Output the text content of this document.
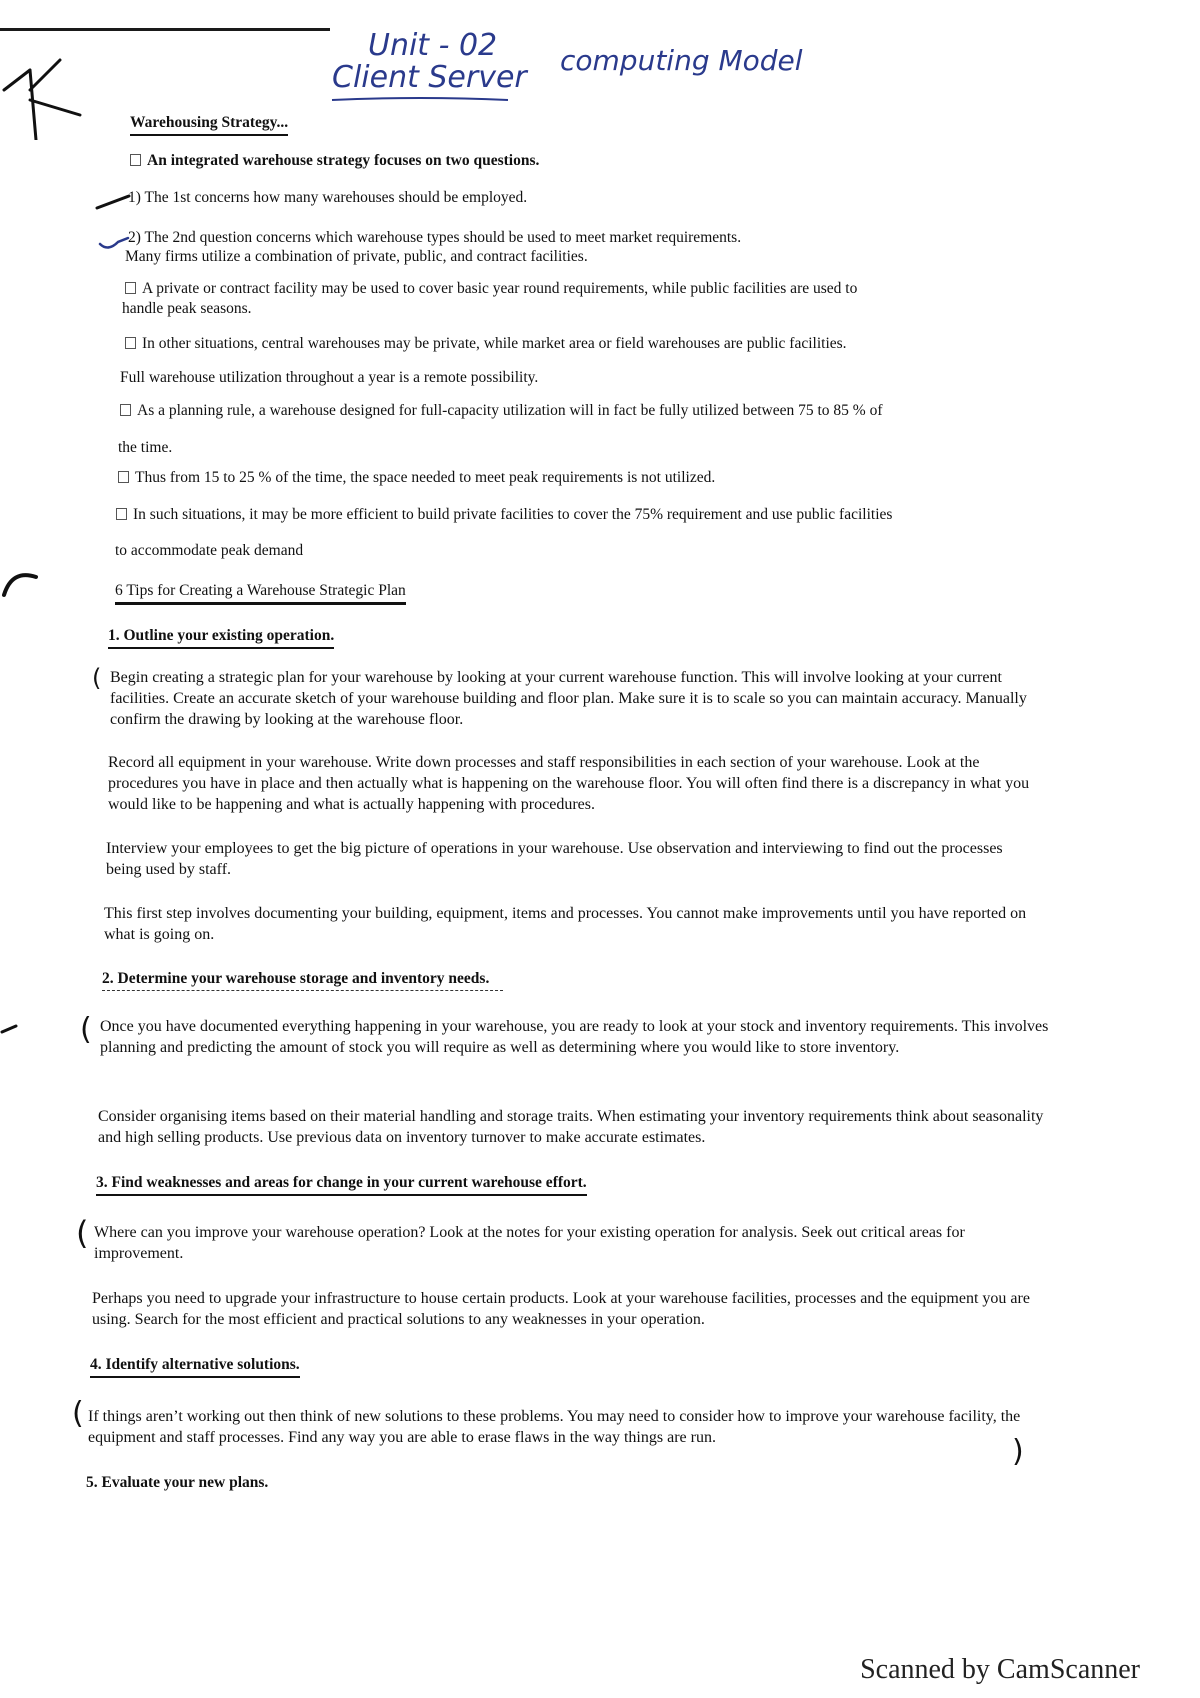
Unit - 02
Client Server computing Model
Warehousing Strategy...
An integrated warehouse strategy focuses on two questions.
1) The 1st concerns how many warehouses should be employed.
2) The 2nd question concerns which warehouse types should be used to meet market requirements.
Many firms utilize a combination of private, public, and contract facilities.
A private or contract facility may be used to cover basic year round requirements, while public facilities are used to
handle peak seasons.
In other situations, central warehouses may be private, while market area or field warehouses are public facilities.
Full warehouse utilization throughout a year is a remote possibility.
As a planning rule, a warehouse designed for full-capacity utilization will in fact be fully utilized between 75 to 85 % of
the time.
Thus from 15 to 25 % of the time, the space needed to meet peak requirements is not utilized.
In such situations, it may be more efficient to build private facilities to cover the 75% requirement and use public facilities
to accommodate peak demand
6 Tips for Creating a Warehouse Strategic Plan
1. Outline your existing operation.
Begin creating a strategic plan for your warehouse by looking at your current warehouse function. This will involve looking at your current facilities. Create an accurate sketch of your warehouse building and floor plan. Make sure it is to scale so you can maintain accuracy. Manually confirm the drawing by looking at the warehouse floor.
Record all equipment in your warehouse. Write down processes and staff responsibilities in each section of your warehouse. Look at the procedures you have in place and then actually what is happening on the warehouse floor. You will often find there is a discrepancy in what you would like to be happening and what is actually happening with procedures.
Interview your employees to get the big picture of operations in your warehouse. Use observation and interviewing to find out the processes being used by staff.
This first step involves documenting your building, equipment, items and processes. You cannot make improvements until you have reported on what is going on.
2. Determine your warehouse storage and inventory needs.
Once you have documented everything happening in your warehouse, you are ready to look at your stock and inventory requirements. This involves planning and predicting the amount of stock you will require as well as determining where you would like to store inventory.
Consider organising items based on their material handling and storage traits. When estimating your inventory requirements think about seasonality and high selling products. Use previous data on inventory turnover to make accurate estimates.
3. Find weaknesses and areas for change in your current warehouse effort.
Where can you improve your warehouse operation? Look at the notes for your existing operation for analysis. Seek out critical areas for improvement.
Perhaps you need to upgrade your infrastructure to house certain products. Look at your warehouse facilities, processes and the equipment you are using. Search for the most efficient and practical solutions to any weaknesses in your operation.
4. Identify alternative solutions.
If things aren’t working out then think of new solutions to these problems. You may need to consider how to improve your warehouse facility, the equipment and staff processes. Find any way you are able to erase flaws in the way things are run.
5. Evaluate your new plans.
(
(
(
(
)
Scanned by CamScanner
